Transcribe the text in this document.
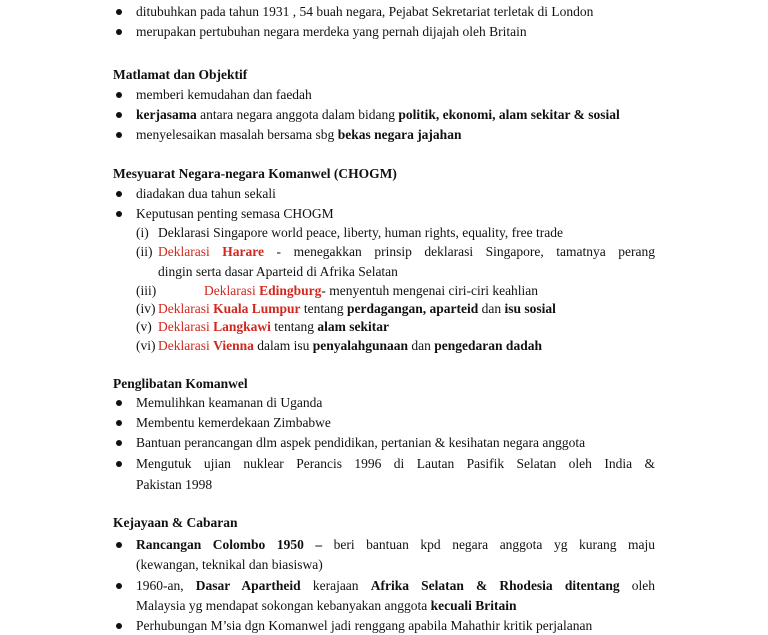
ditubuhkan pada tahun 1931 , 54 buah negara, Pejabat Sekretariat terletak di London
merupakan pertubuhan negara merdeka yang pernah dijajah oleh Britain
Matlamat dan Objektif
memberi kemudahan dan faedah
kerjasama antara negara anggota dalam bidang politik, ekonomi, alam sekitar & sosial
menyelesaikan masalah bersama sbg bekas negara jajahan
Mesyuarat Negara-negara Komanwel (CHOGM)
diadakan dua tahun sekali
Keputusan penting semasa CHOGM
(i) Deklarasi Singapore world peace, liberty, human rights, equality, free trade
(ii) Deklarasi Harare - menegakkan prinsip deklarasi Singapore, tamatnya perang
dingin serta dasar Aparteid di Afrika Selatan
(iii)	Deklarasi Edingburg- menyentuh mengenai ciri-ciri keahlian
(iv) Deklarasi Kuala Lumpur tentang perdagangan, aparteid dan isu sosial
(v) Deklarasi Langkawi tentang alam sekitar
(vi) Deklarasi Vienna dalam isu penyalahgunaan dan pengedaran dadah
Penglibatan Komanwel
Memulihkan keamanan di Uganda
Membentu kemerdekaan Zimbabwe
Bantuan perancangan dlm aspek pendidikan, pertanian & kesihatan negara anggota
Mengutuk ujian nuklear Perancis 1996 di Lautan Pasifik Selatan oleh India &
Pakistan 1998
Kejayaan & Cabaran
Rancangan Colombo 1950 – beri bantuan kpd negara anggota yg kurang maju
(kewangan, teknikal dan biasiswa)
1960-an, Dasar Apartheid kerajaan Afrika Selatan & Rhodesia ditentang oleh
Malaysia yg mendapat sokongan kebanyakan anggota kecuali Britain
Perhubungan M’sia dgn Komanwel jadi renggang apabila Mahathir kritik perjalanan
